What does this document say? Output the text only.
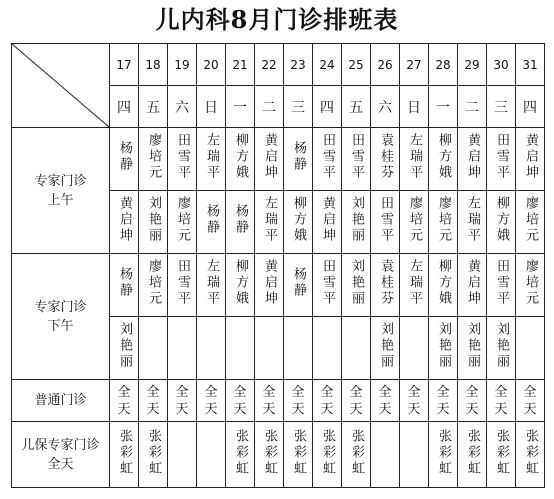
儿内科8月门诊排班表
	17	18	19	20	21	22	23	24	25	26	27	28	29	30	31
	四	五	六	日	一	二	三	四	五	六	日	一	二	三	四

专家门诊
上午	杨静	廖培元	田雪平	左瑞平	柳方娥	黄启坤	杨静	田雪平	田雪平	袁桂芬	左瑞平	柳方娥	黄启坤	田雪平	黄启坤
	黄启坤	刘艳丽	廖培元	杨静	杨静	左瑞平	柳方娥	黄启坤	刘艳丽	田雪平	廖培元	廖培元	左瑞平	柳方娥	廖培元

专家门诊
下午	杨静	廖培元	田雪平	左瑞平	柳方娥	黄启坤	杨静	田雪平	刘艳丽	袁桂芬	左瑞平	柳方娥	黄启坤	田雪平	廖培元
	刘艳丽									刘艳丽		刘艳丽	刘艳丽	刘艳丽	

普通门诊	全天	全天	全天	全天	全天	全天	全天	全天	全天	全天	全天	全天	全天	全天	全天

儿保专家门诊
全天	张彩虹	张彩虹			张彩虹	张彩虹	张彩虹	张彩虹	张彩虹			张彩虹	张彩虹	张彩虹	张彩虹
